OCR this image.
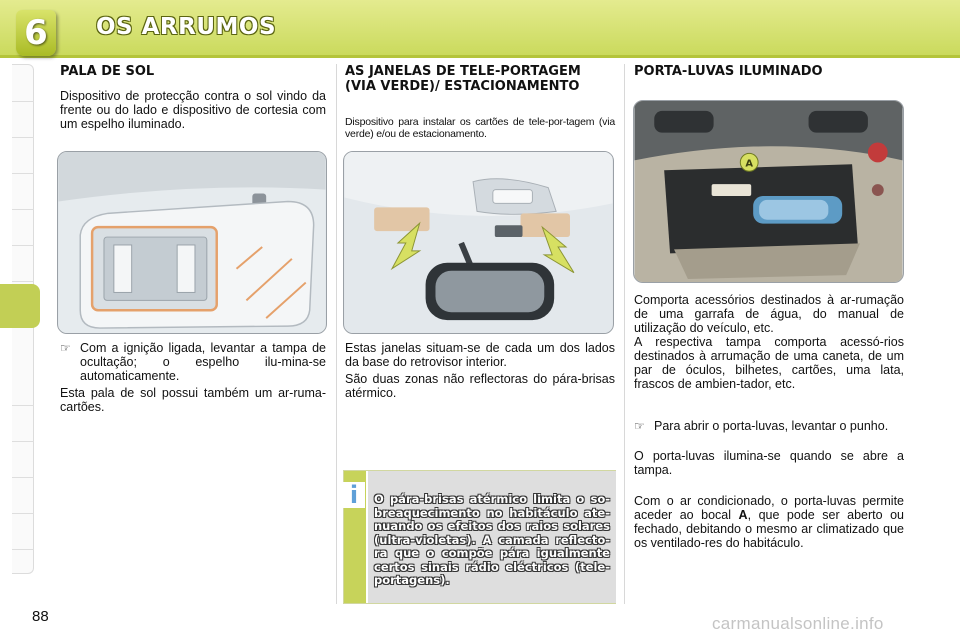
6	OS ARRUMOS
PALA DE SOL

Dispositivo de protecção contra o sol vindo da frente ou do lado e dispositivo de cortesia com um espelho iluminado.

☞ Com a ignição ligada, levantar a tampa de ocultação; o espelho ilu-mina-se automaticamente.

Esta pala de sol possui também um ar-ruma-cartões.

AS JANELAS DE TELE-PORTAGEM (VIA VERDE)/ ESTACIONAMENTO

Dispositivo para instalar os cartões de tele-por-tagem (via verde) e/ou de estacionamento.

Estas janelas situam-se de cada um dos lados da base do retrovisor interior.

São duas zonas não reflectoras do pára-brisas atérmico.

O pára-brisas atérmico limita o so-breaquecimento no habitáculo ate-nuando os efeitos dos raios solares (ultra-violetas). A camada reflecto-ra que o compõe pára igualmente certos sinais rádio eléctricos (tele-portagens).
i
PORTA-LUVAS ILUMINADO
A

Comporta acessórios destinados à ar-rumação de uma garrafa de água, do manual de utilização do veículo, etc.

A respectiva tampa comporta acessó-rios destinados à arrumação de uma caneta, de um par de óculos, bilhetes, cartões, uma lata, frascos de ambien-tador, etc.

☞ Para abrir o porta-luvas, levantar o punho.

O porta-luvas ilumina-se quando se abre a tampa.

Com o ar condicionado, o porta-luvas permite aceder ao bocal A, que pode ser aberto ou fechado, debitando o mesmo ar climatizado que os ventilado-res do habitáculo.

88	carmanualsonline.info
